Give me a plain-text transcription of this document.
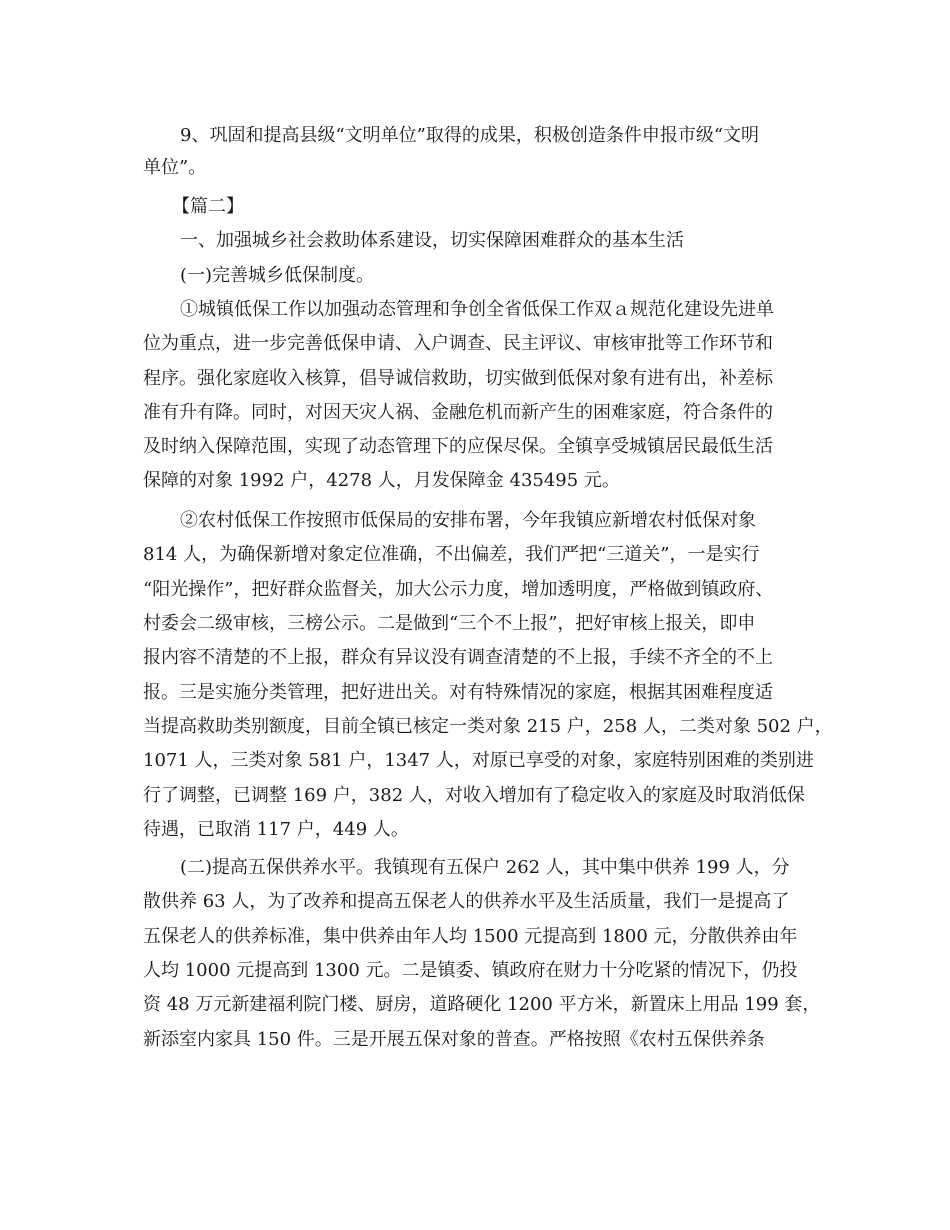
9、巩固和提高县级“文明单位”取得的成果，积极创造条件申报市级“文明
单位”。
【篇二】
一、加强城乡社会救助体系建设，切实保障困难群众的基本生活
(一)完善城乡低保制度。
①城镇低保工作以加强动态管理和争创全省低保工作双ａ规范化建设先进单
位为重点，进一步完善低保申请、入户调查、民主评议、审核审批等工作环节和
程序。强化家庭收入核算，倡导诚信救助，切实做到低保对象有进有出，补差标
准有升有降。同时，对因天灾人祸、金融危机而新产生的困难家庭，符合条件的
及时纳入保障范围，实现了动态管理下的应保尽保。全镇享受城镇居民最低生活
保障的对象 1992 户，4278 人，月发保障金 435495 元。
②农村低保工作按照市低保局的安排布署，今年我镇应新增农村低保对象
814 人，为确保新增对象定位准确，不出偏差，我们严把“三道关”，一是实行
“阳光操作”，把好群众监督关，加大公示力度，增加透明度，严格做到镇政府、
村委会二级审核，三榜公示。二是做到“三个不上报”，把好审核上报关，即申
报内容不清楚的不上报，群众有异议没有调查清楚的不上报，手续不齐全的不上
报。三是实施分类管理，把好进出关。对有特殊情况的家庭，根据其困难程度适
当提高救助类别额度，目前全镇已核定一类对象 215 户，258 人，二类对象 502 户，
1071 人，三类对象 581 户，1347 人，对原已享受的对象，家庭特别困难的类别进
行了调整，已调整 169 户，382 人，对收入增加有了稳定收入的家庭及时取消低保
待遇，已取消 117 户，449 人。
(二)提高五保供养水平。我镇现有五保户 262 人，其中集中供养 199 人，分
散供养 63 人，为了改养和提高五保老人的供养水平及生活质量，我们一是提高了
五保老人的供养标准，集中供养由年人均 1500 元提高到 1800 元，分散供养由年
人均 1000 元提高到 1300 元。二是镇委、镇政府在财力十分吃紧的情况下，仍投
资 48 万元新建福利院门楼、厨房，道路硬化 1200 平方米，新置床上用品 199 套，
新添室内家具 150 件。三是开展五保对象的普查。严格按照《农村五保供养条
